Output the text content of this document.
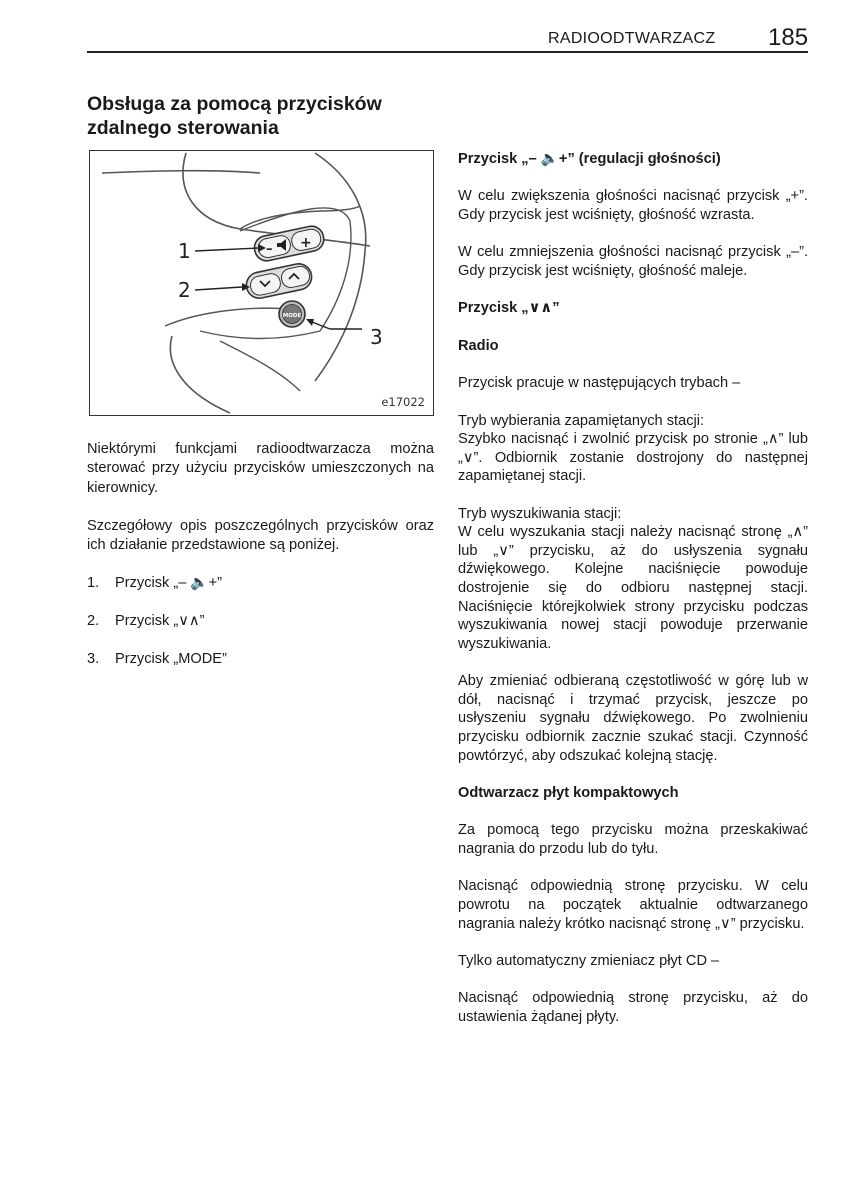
RADIOODTWARZACZ 185
Obsługa za pomocą przycisków
zdalnego sterowania
– +
MODE
1
2
3
e17022

Niektórymi funkcjami radioodtwarzacza można sterować przy użyciu przycisków umieszczonych na kierownicy.

Szczegółowy opis poszczególnych przycisków oraz ich działanie przedstawione są poniżej.

1.	Przycisk „– 🔈+”
2.	Przycisk „∨∧”
3.	Przycisk „MODE”

Przycisk „– 🔈+” (regulacji głośności)

W celu zwiększenia głośności nacisnąć przycisk „+”. Gdy przycisk jest wciśnięty, głośność wzrasta.

W celu zmniejszenia głośności nacisnąć przycisk „–”. Gdy przycisk jest wciśnięty, głośność maleje.

Przycisk „∨∧”

Radio

Przycisk pracuje w następujących trybach –

Tryb wybierania zapamiętanych stacji:

Szybko nacisnąć i zwolnić przycisk po stronie „∧” lub „∨”. Odbiornik zostanie dostrojony do następnej zapamiętanej stacji.

Tryb wyszukiwania stacji:

W celu wyszukania stacji należy nacisnąć stronę „∧” lub „∨” przycisku, aż do usłyszenia sygnału dźwiękowego. Kolejne naciśnięcie powoduje dostrojenie się do odbioru następnej stacji. Naciśnięcie którejkolwiek strony przycisku podczas wyszukiwania nowej stacji powoduje przerwanie wyszukiwania.

Aby zmieniać odbieraną częstotliwość w górę lub w dół, nacisnąć i trzymać przycisk, jeszcze po usłyszeniu sygnału dźwiękowego. Po zwolnieniu przycisku odbiornik zacznie szukać stacji. Czynność powtórzyć, aby odszukać kolejną stację.

Odtwarzacz płyt kompaktowych

Za pomocą tego przycisku można przeskakiwać nagrania do przodu lub do tyłu.

Nacisnąć odpowiednią stronę przycisku. W celu powrotu na początek aktualnie odtwarzanego nagrania należy krótko nacisnąć stronę „∨” przycisku.

Tylko automatyczny zmieniacz płyt CD –

Nacisnąć odpowiednią stronę przycisku, aż do ustawienia żądanej płyty.
